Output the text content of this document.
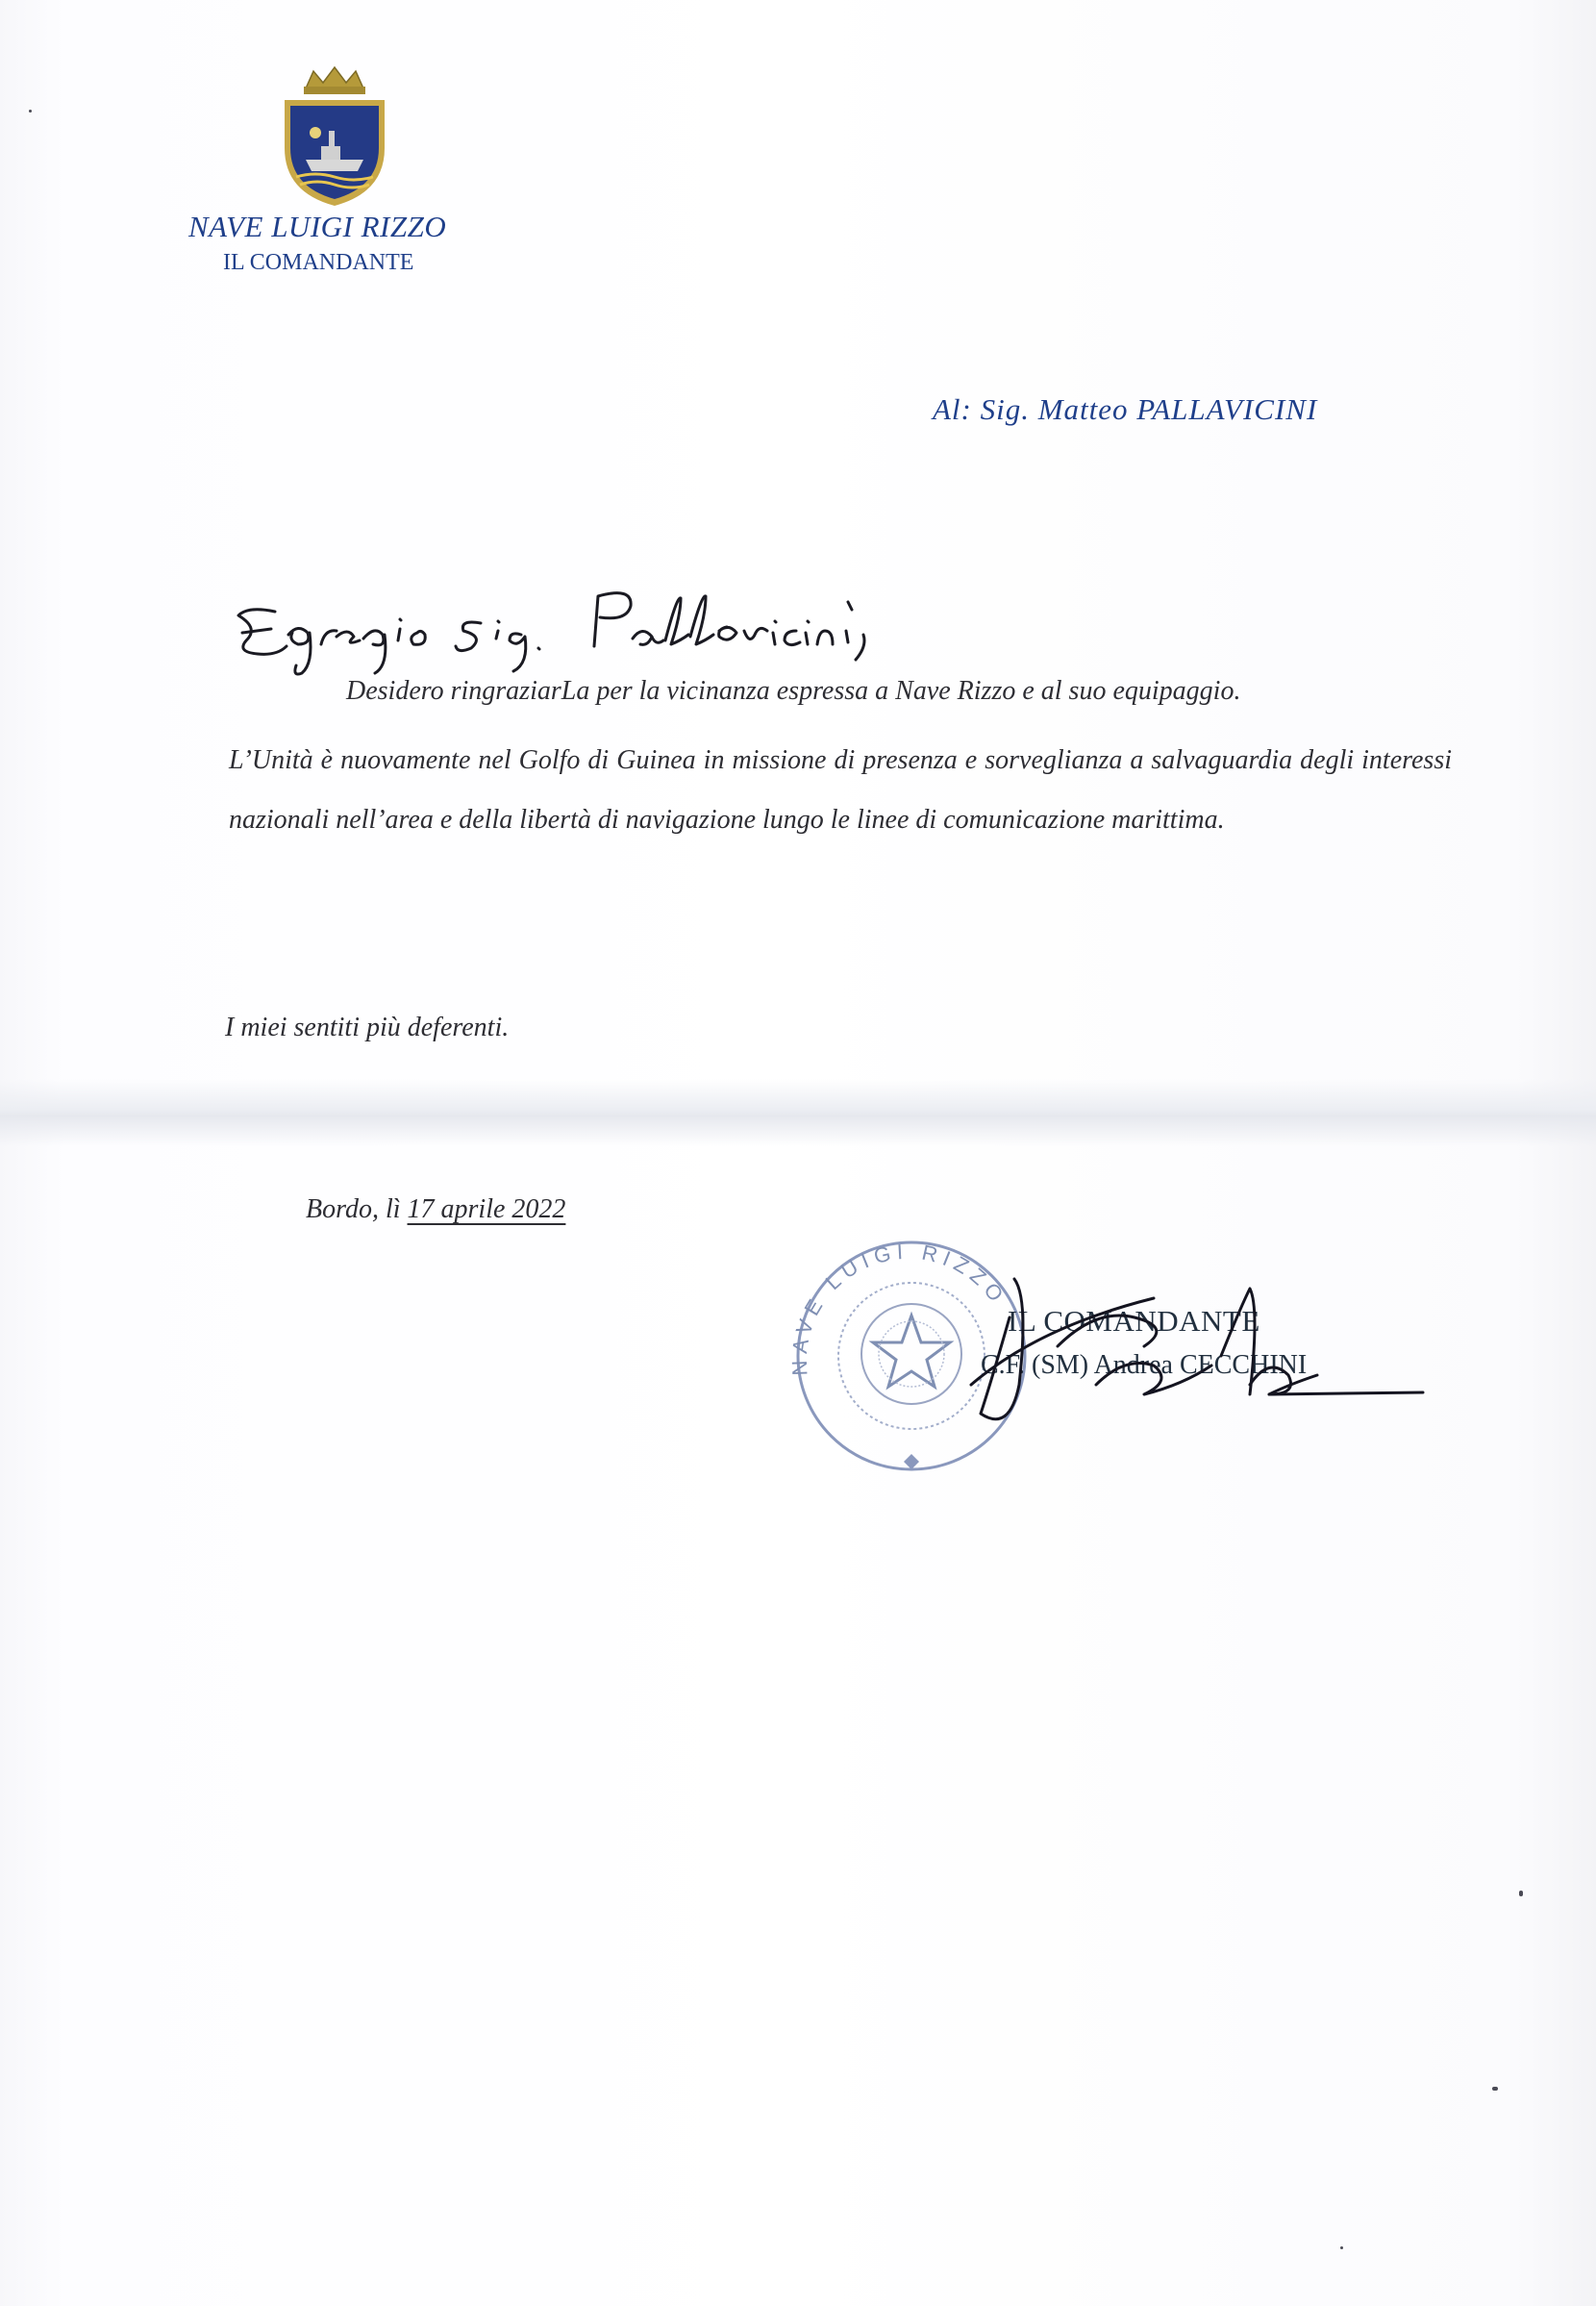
NAVE LUIGI RIZZO
IL COMANDANTE
Al: Sig. Matteo PALLAVICINI
Desidero ringraziarLa per la vicinanza espressa a Nave Rizzo e al suo equipaggio.
L’Unità è nuovamente nel Golfo di Guinea in missione di presenza e sorveglianza a salvaguardia degli interessi nazionali nell’area e della libertà di navigazione lungo le linee di comunicazione marittima.
I miei sentiti più deferenti.
Bordo, lì 17 aprile 2022
NAVE LUIGI RIZZO
IL COMANDANTE
C.F. (SM) Andrea CECCHINI
